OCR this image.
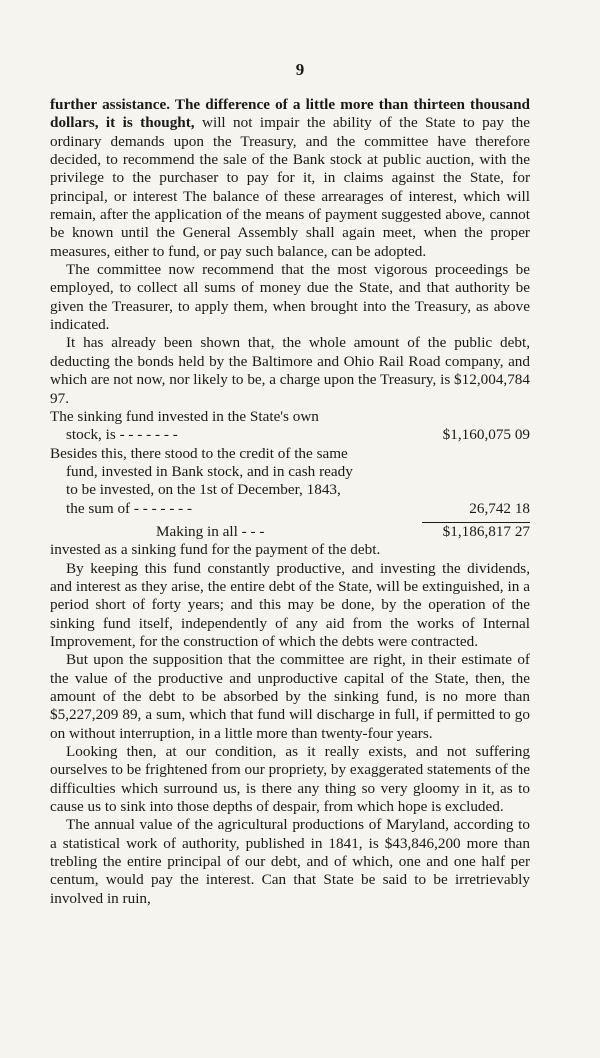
9

further assistance. The difference of a little more than thirteen thousand dollars, it is thought, will not impair the ability of the State to pay the ordinary demands upon the Treasury, and the committee have therefore decided, to recommend the sale of the Bank stock at public auction, with the privilege to the purchaser to pay for it, in claims against the State, for principal, or interest The balance of these arrearages of interest, which will remain, after the application of the means of payment suggested above, cannot be known until the General Assembly shall again meet, when the proper measures, either to fund, or pay such balance, can be adopted.

The committee now recommend that the most vigorous proceedings be employed, to collect all sums of money due the State, and that authority be given the Treasurer, to apply them, when brought into the Treasury, as above indicated.

It has already been shown that, the whole amount of the public debt, deducting the bonds held by the Baltimore and Ohio Rail Road company, and which are not now, nor likely to be, a charge upon the Treasury, is $12,004,784 97.

The sinking fund invested in the State's own
stock, is - - - - - - -	$1,160,075 09
Besides this, there stood to the credit of the same
fund, invested in Bank stock, and in cash ready
to be invested, on the 1st of December, 1843,
the sum of - - - - - - -	26,742 18
Making in all - - -	$1,186,817 27

invested as a sinking fund for the payment of the debt.

By keeping this fund constantly productive, and investing the dividends, and interest as they arise, the entire debt of the State, will be extinguished, in a period short of forty years; and this may be done, by the operation of the sinking fund itself, independently of any aid from the works of Internal Improvement, for the construction of which the debts were contracted.

But upon the supposition that the committee are right, in their estimate of the value of the productive and unproductive capital of the State, then, the amount of the debt to be absorbed by the sinking fund, is no more than $5,227,209 89, a sum, which that fund will discharge in full, if permitted to go on without interruption, in a little more than twenty-four years.

Looking then, at our condition, as it really exists, and not suffering ourselves to be frightened from our propriety, by exaggerated statements of the difficulties which surround us, is there any thing so very gloomy in it, as to cause us to sink into those depths of despair, from which hope is excluded.

The annual value of the agricultural productions of Maryland, according to a statistical work of authority, published in 1841, is $43,846,200 more than trebling the entire principal of our debt, and of which, one and one half per centum, would pay the interest. Can that State be said to be irretrievably involved in ruin,
